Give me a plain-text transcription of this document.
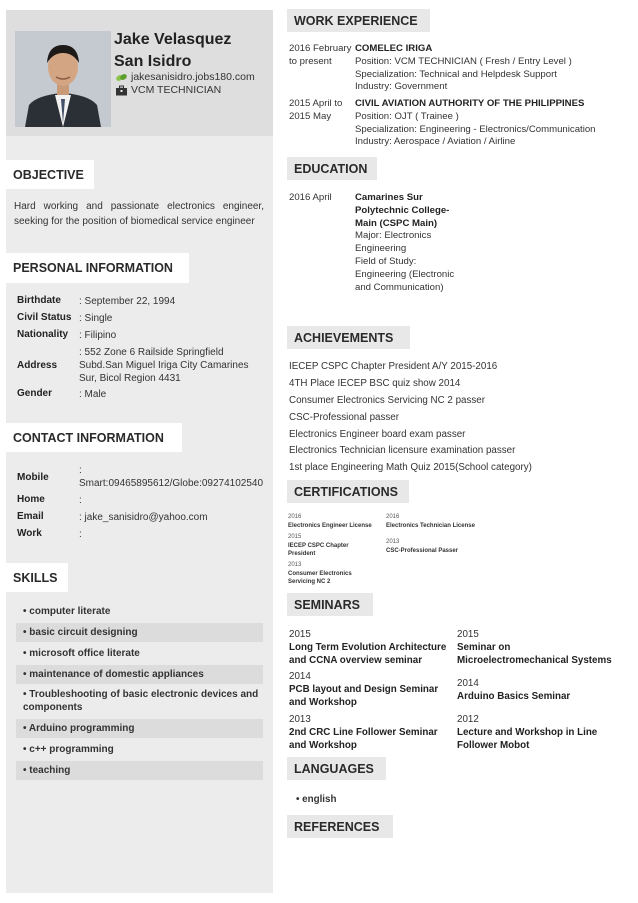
Jake Velasquez
San Isidro
jakesanisidro.jobs180.com
VCM TECHNICIAN
OBJECTIVE
Hard working and passionate electronics engineer, seeking for the position of biomedical service engineer
PERSONAL INFORMATION
Birthdate	: September 22, 1994
Civil Status : Single
Nationality	: Filipino
Address
: 552 Zone 6 Railside Springfield Subd.San Miguel Iriga City Camarines Sur, Bicol Region 4431
Gender	: Male
CONTACT INFORMATION
Mobile
: Smart:09465895612/Globe:09274102540
Home	:
Email	: jake_sanisidro@yahoo.com
Work	:
SKILLS
• computer literate
• basic circuit designing
• microsoft office literate
• maintenance of domestic appliances
• Troubleshooting of basic electronic devices and components
• Arduino programming
• c++ programming
• teaching
WORK EXPERIENCE
2016 February to present
COMELEC IRIGA
Position: VCM TECHNICIAN ( Fresh / Entry Level )
Specialization: Technical and Helpdesk Support
Industry: Government
2015 April to 2015 May
CIVIL AVIATION AUTHORITY OF THE PHILIPPINES
Position: OJT ( Trainee )
Specialization: Engineering - Electronics/Communication
Industry: Aerospace / Aviation / Airline
EDUCATION
2016 April	Camarines Sur Polytechnic College- Main (CSPC Main)
Major: Electronics Engineering
Field of Study: Engineering (Electronic and Communication)
ACHIEVEMENTS
IECEP CSPC Chapter President A/Y 2015-2016
4TH Place IECEP BSC quiz show 2014
Consumer Electronics Servicing NC 2 passer
CSC-Professional passer
Electronics Engineer board exam passer
Electronics Technician licensure examination passer
1st place Engineering Math Quiz 2015(School category)
CERTIFICATIONS
2016
Electronics Engineer License
2016
Electronics Technician License
2015
IECEP CSPC Chapter President
2013
CSC-Professional Passer
2013
Consumer Electronics Servicing NC 2
SEMINARS
2015
Long Term Evolution Architecture and CCNA overview seminar
2015
Seminar on Microelectromechanical Systems
2014
PCB layout and Design Seminar and Workshop
2014
Arduino Basics Seminar
2013
2nd CRC Line Follower Seminar and Workshop
2012
Lecture and Workshop in Line Follower Mobot
LANGUAGES
• english
REFERENCES
